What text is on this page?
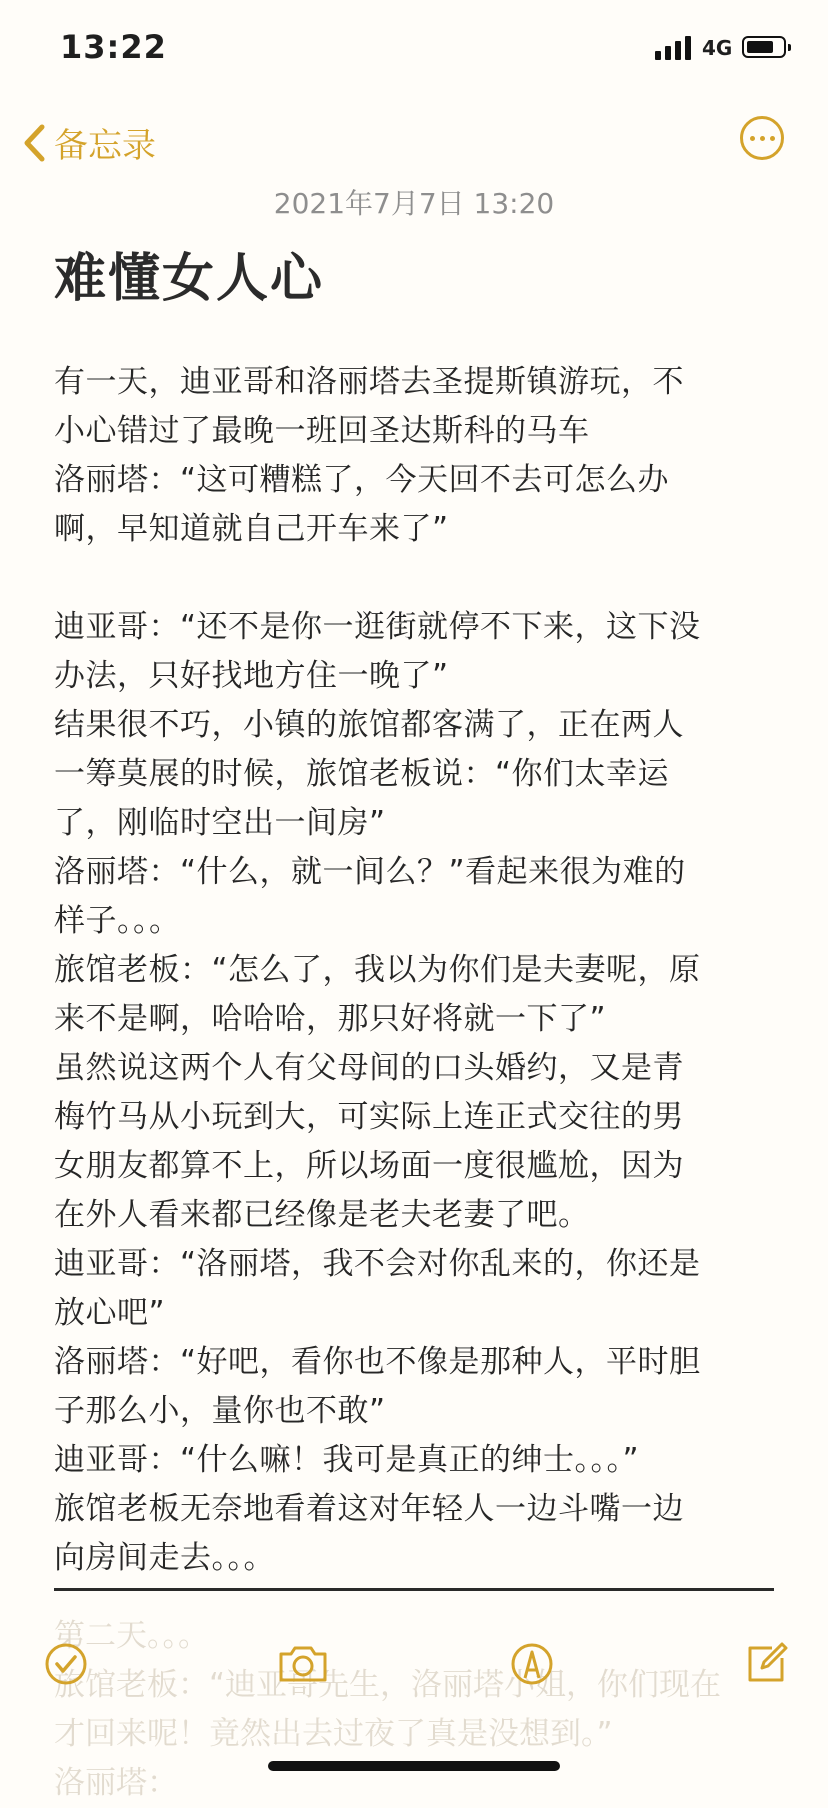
13:22	4G
备忘录
2021年7月7日 13:20
难懂女人心
有一天，迪亚哥和洛丽塔去圣提斯镇游玩，不
小心错过了最晚一班回圣达斯科的马车
洛丽塔：“这可糟糕了，今天回不去可怎么办
啊，早知道就自己开车来了”

迪亚哥：“还不是你一逛街就停不下来，这下没
办法，只好找地方住一晚了”
结果很不巧，小镇的旅馆都客满了，正在两人
一筹莫展的时候，旅馆老板说：“你们太幸运
了，刚临时空出一间房”
洛丽塔：“什么，就一间么？”看起来很为难的
样子。。。
旅馆老板：“怎么了，我以为你们是夫妻呢，原
来不是啊，哈哈哈，那只好将就一下了”
虽然说这两个人有父母间的口头婚约，又是青
梅竹马从小玩到大，可实际上连正式交往的男
女朋友都算不上，所以场面一度很尴尬，因为
在外人看来都已经像是老夫老妻了吧。
迪亚哥：“洛丽塔，我不会对你乱来的，你还是
放心吧”
洛丽塔：“好吧，看你也不像是那种人，平时胆
子那么小，量你也不敢”
迪亚哥：“什么嘛！我可是真正的绅士。。。”
旅馆老板无奈地看着这对年轻人一边斗嘴一边
向房间走去。。。
第二天。。。
旅馆老板：“迪亚哥先生，洛丽塔小姐，你们现在
才回来呢！竟然出去过夜了真是没想到。”
洛丽塔：
